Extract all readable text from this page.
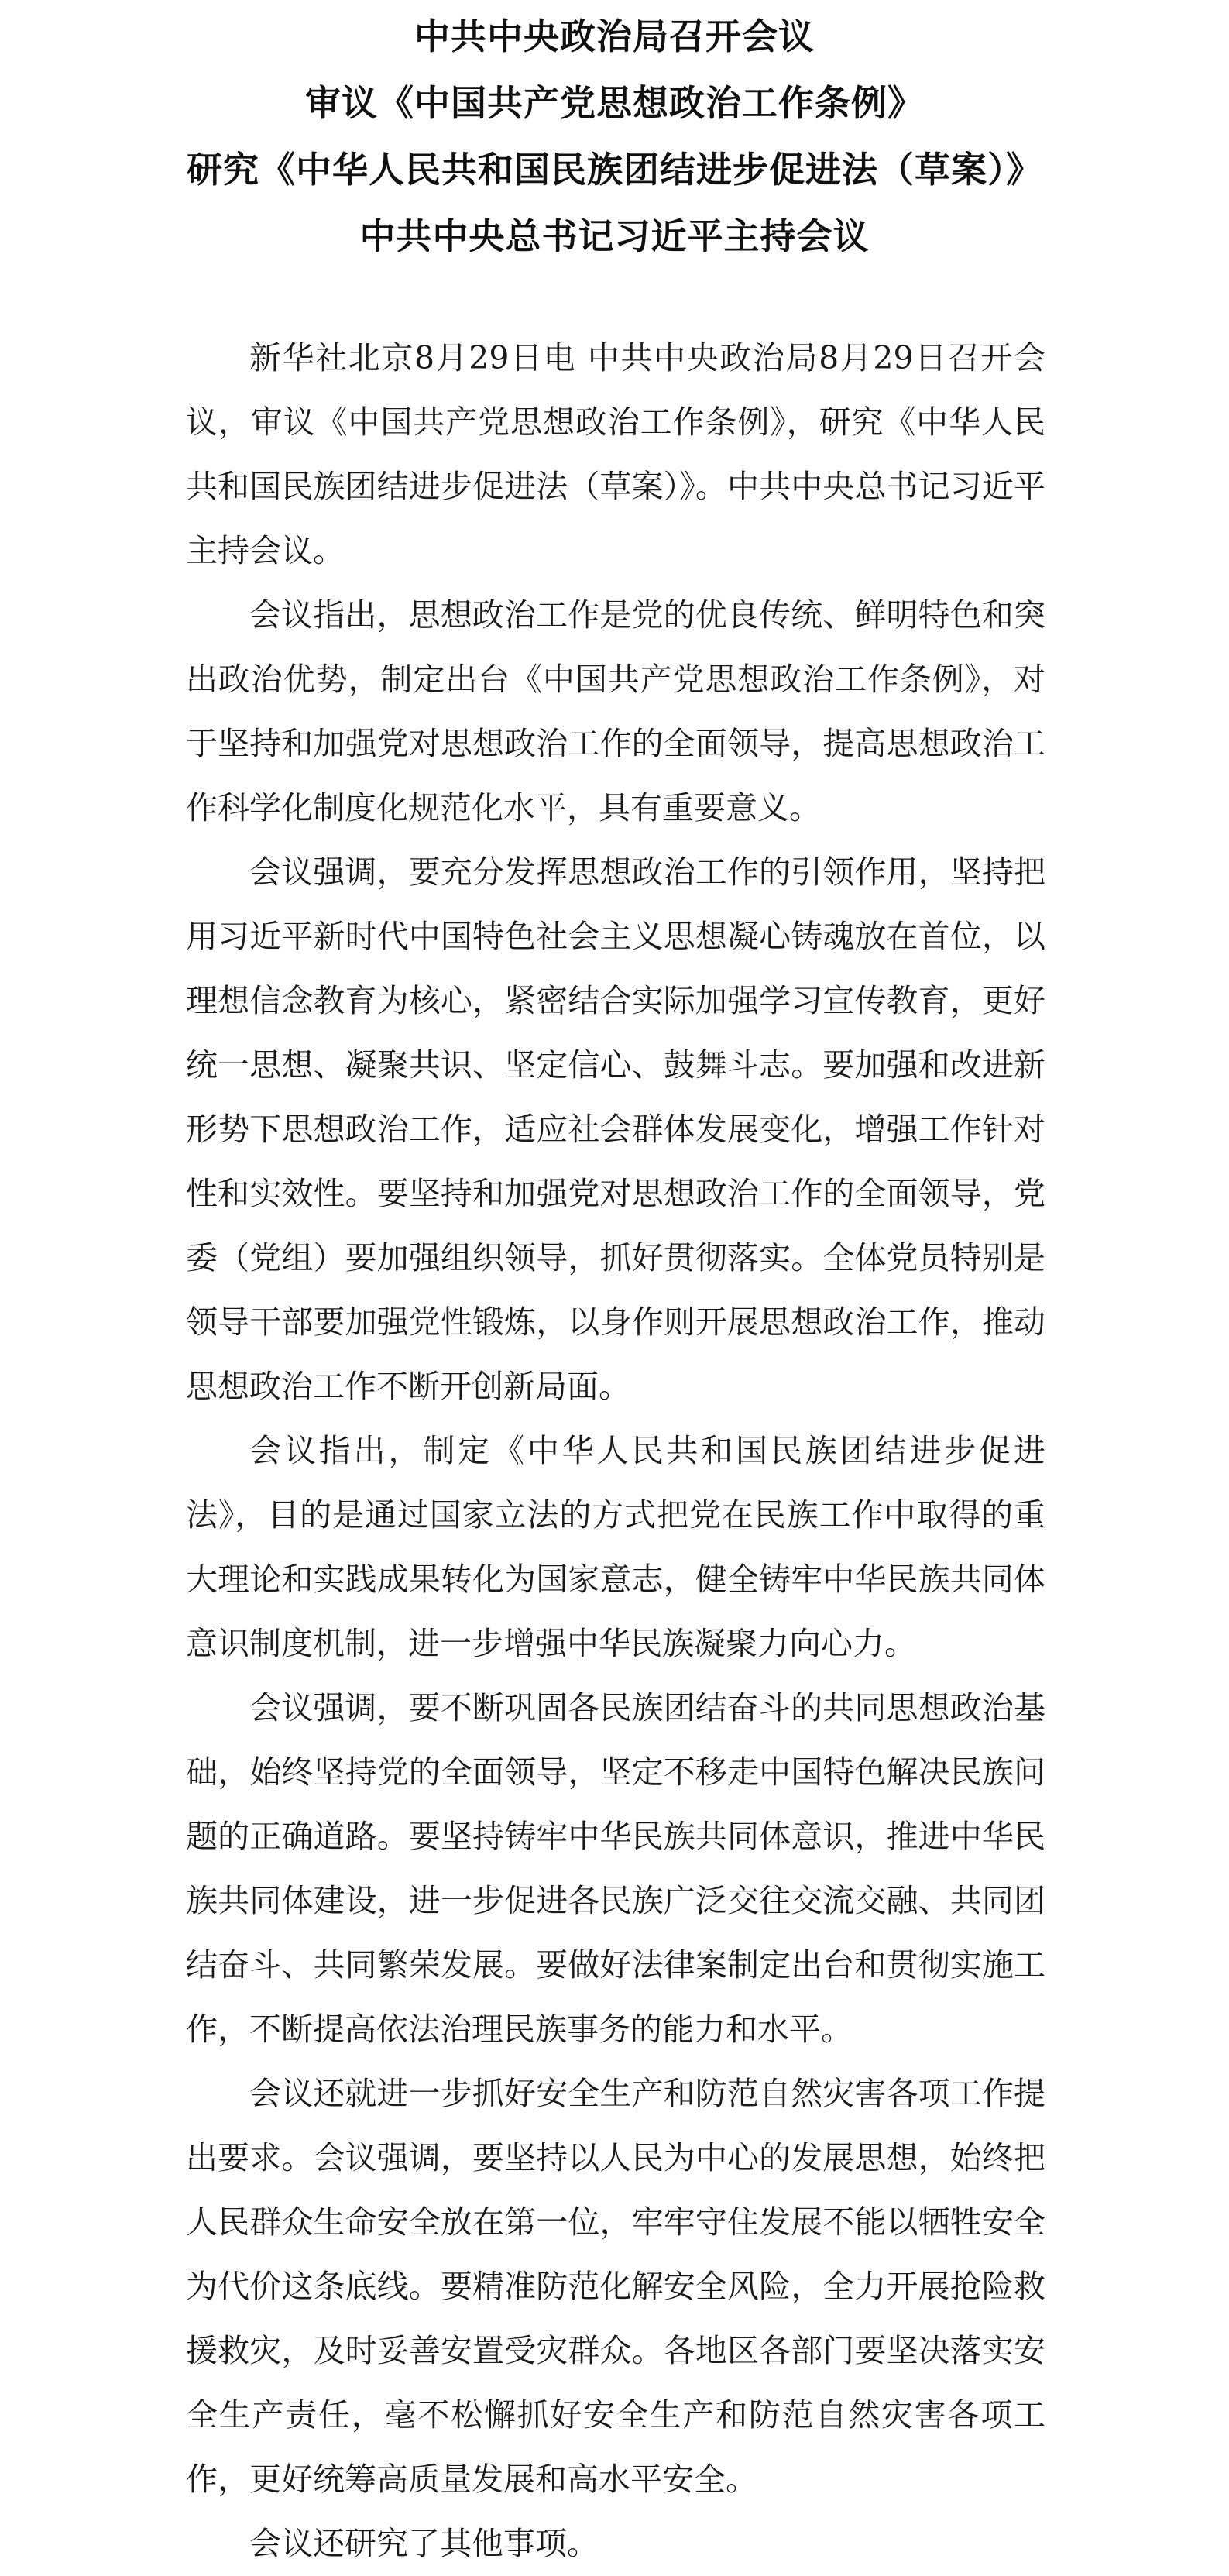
中共中央政治局召开会议
审议《中国共产党思想政治工作条例》
研究《中华人民共和国民族团结进步促进法（草案）》
中共中央总书记习近平主持会议

新华社北京8月29日电 中共中央政治局8月29日召开会议，审议《中国共产党思想政治工作条例》，研究《中华人民共和国民族团结进步促进法（草案）》。中共中央总书记习近平主持会议。

会议指出，思想政治工作是党的优良传统、鲜明特色和突出政治优势，制定出台《中国共产党思想政治工作条例》，对于坚持和加强党对思想政治工作的全面领导，提高思想政治工作科学化制度化规范化水平，具有重要意义。

会议强调，要充分发挥思想政治工作的引领作用，坚持把用习近平新时代中国特色社会主义思想凝心铸魂放在首位，以理想信念教育为核心，紧密结合实际加强学习宣传教育，更好统一思想、凝聚共识、坚定信心、鼓舞斗志。要加强和改进新形势下思想政治工作，适应社会群体发展变化，增强工作针对性和实效性。要坚持和加强党对思想政治工作的全面领导，党委（党组）要加强组织领导，抓好贯彻落实。全体党员特别是领导干部要加强党性锻炼，以身作则开展思想政治工作，推动思想政治工作不断开创新局面。

会议指出，制定《中华人民共和国民族团结进步促进法》，目的是通过国家立法的方式把党在民族工作中取得的重大理论和实践成果转化为国家意志，健全铸牢中华民族共同体意识制度机制，进一步增强中华民族凝聚力向心力。

会议强调，要不断巩固各民族团结奋斗的共同思想政治基础，始终坚持党的全面领导，坚定不移走中国特色解决民族问题的正确道路。要坚持铸牢中华民族共同体意识，推进中华民族共同体建设，进一步促进各民族广泛交往交流交融、共同团结奋斗、共同繁荣发展。要做好法律案制定出台和贯彻实施工作，不断提高依法治理民族事务的能力和水平。

会议还就进一步抓好安全生产和防范自然灾害各项工作提出要求。会议强调，要坚持以人民为中心的发展思想，始终把人民群众生命安全放在第一位，牢牢守住发展不能以牺牲安全为代价这条底线。要精准防范化解安全风险，全力开展抢险救援救灾，及时妥善安置受灾群众。各地区各部门要坚决落实安全生产责任，毫不松懈抓好安全生产和防范自然灾害各项工作，更好统筹高质量发展和高水平安全。

会议还研究了其他事项。
